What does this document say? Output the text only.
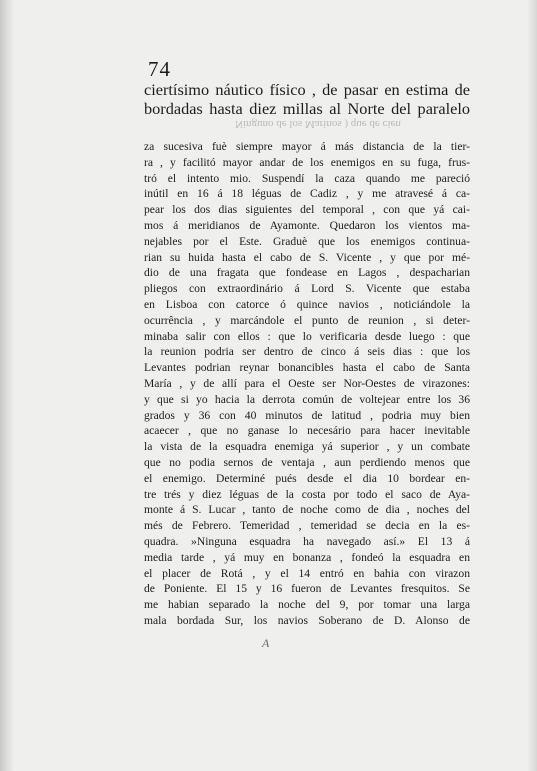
Ninguno de los Marinos ) que de cien
74
ciertísimo náutico físico , de pasar en estima de
bordadas hasta diez millas al Norte del paralelo
za sucesiva fuè siempre mayor á más distancia de la tier-
ra , y facilitó mayor andar de los enemigos en su fuga, frus-
tró el intento mio. Suspendí la caza quando me pareció
inútil en 16 á 18 léguas de Cadiz , y me atravesé á ca-
pear los dos dias siguientes del temporal , con que yá cai-
mos á meridianos de Ayamonte. Quedaron los vientos ma-
nejables por el Este. Graduè que los enemigos continua-
rian su huida hasta el cabo de S. Vicente , y que por mé-
dio de una fragata que fondease en Lagos , despacharian
pliegos con extraordinário á Lord S. Vicente que estaba
en Lisboa con catorce ó quince navios , noticiándole la
ocurrência , y marcándole el punto de reunion , si deter-
minaba salir con ellos : que lo verificaria desde luego : que
la reunion podria ser dentro de cinco á seis dias : que los
Levantes podrian reynar bonancibles hasta el cabo de Santa
María , y de allí para el Oeste ser Nor-Oestes de virazones:
y que si yo hacia la derrota común de voltejear entre los 36
grados y 36 con 40 minutos de latitud , podria muy bien
acaecer , que no ganase lo necesário para hacer inevitable
la vista de la esquadra enemiga yá superior , y un combate
que no podia sernos de ventaja , aun perdiendo menos que
el enemigo. Determiné pués desde el dia 10 bordear en-
tre trés y diez léguas de la costa por todo el saco de Aya-
monte á S. Lucar , tanto de noche como de dia , noches del
més de Febrero. Temeridad , temeridad se decia en la es-
quadra. »Ninguna esquadra ha navegado así.» El 13 á
media tarde , yá muy en bonanza , fondeó la esquadra en
el placer de Rotá , y el 14 entró en bahia con virazon
de Poniente. El 15 y 16 fueron de Levantes fresquitos. Se
me habian separado la noche del 9, por tomar una larga
mala bordada Sur, los navios Soberano de D. Alonso de
A
